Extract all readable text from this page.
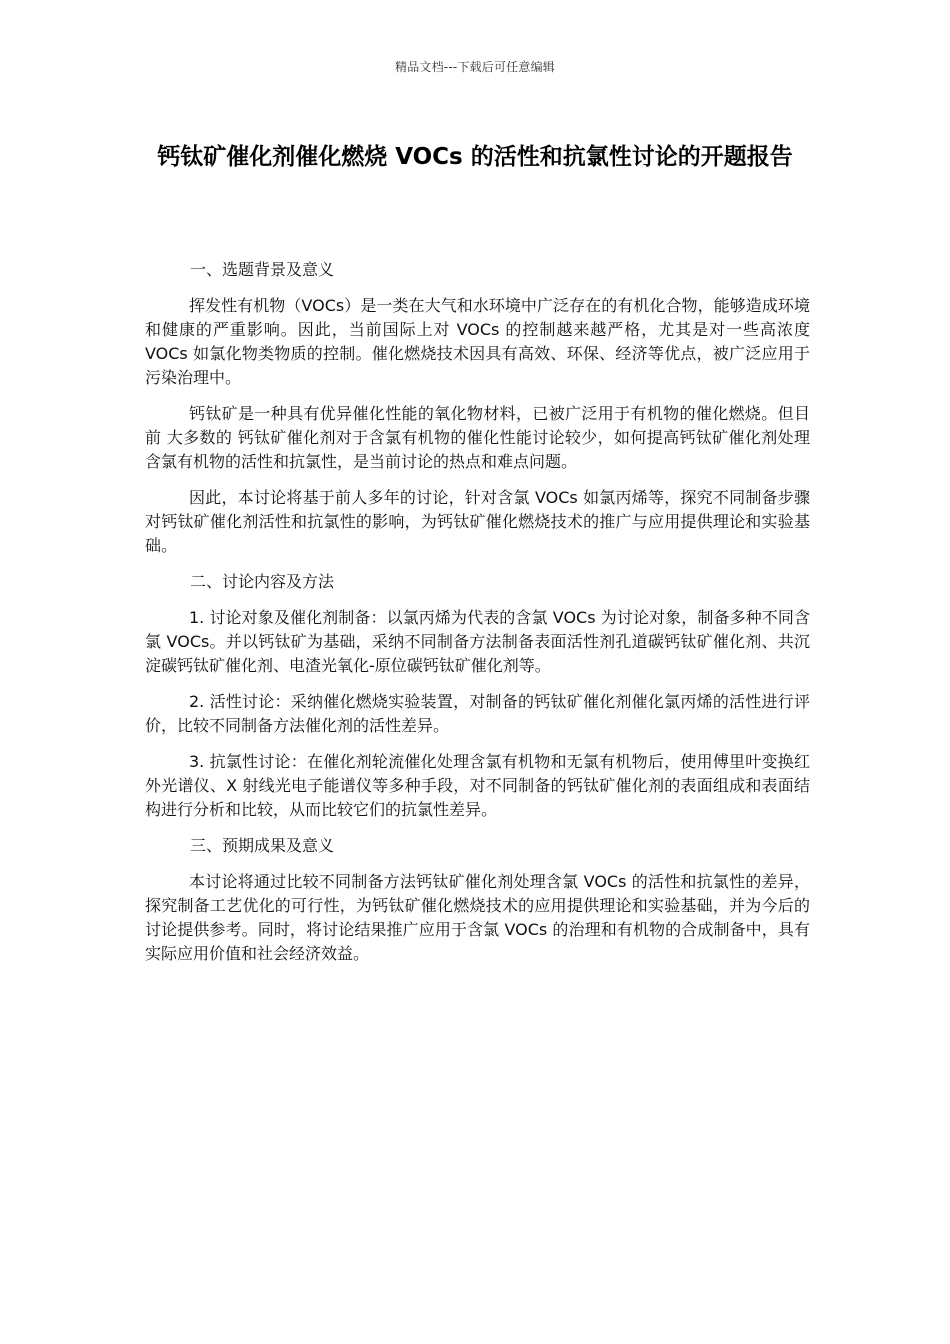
精品文档---下载后可任意编辑
钙钛矿催化剂催化燃烧 VOCs 的活性和抗氯性讨论的开题报告

一、选题背景及意义

挥发性有机物（VOCs）是一类在大气和水环境中广泛存在的有机化合物，能够造成环境和健康的严重影响。因此，当前国际上对 VOCs 的控制越来越严格，尤其是对一些高浓度 VOCs 如氯化物类物质的控制。催化燃烧技术因具有高效、环保、经济等优点，被广泛应用于污染治理中。

钙钛矿是一种具有优异催化性能的氧化物材料，已被广泛用于有机物的催化燃烧。但目前 大多数的 钙钛矿催化剂对于含氯有机物的催化性能讨论较少，如何提高钙钛矿催化剂处理含氯有机物的活性和抗氯性，是当前讨论的热点和难点问题。

因此，本讨论将基于前人多年的讨论，针对含氯 VOCs 如氯丙烯等，探究不同制备步骤对钙钛矿催化剂活性和抗氯性的影响，为钙钛矿催化燃烧技术的推广与应用提供理论和实验基础。

二、讨论内容及方法

1. 讨论对象及催化剂制备：以氯丙烯为代表的含氯 VOCs 为讨论对象，制备多种不同含氯 VOCs。并以钙钛矿为基础，采纳不同制备方法制备表面活性剂孔道碳钙钛矿催化剂、共沉淀碳钙钛矿催化剂、电渣光氧化-原位碳钙钛矿催化剂等。

2. 活性讨论：采纳催化燃烧实验装置，对制备的钙钛矿催化剂催化氯丙烯的活性进行评价，比较不同制备方法催化剂的活性差异。

3. 抗氯性讨论：在催化剂轮流催化处理含氯有机物和无氯有机物后，使用傅里叶变换红外光谱仪、X 射线光电子能谱仪等多种手段，对不同制备的钙钛矿催化剂的表面组成和表面结构进行分析和比较，从而比较它们的抗氯性差异。

三、预期成果及意义

本讨论将通过比较不同制备方法钙钛矿催化剂处理含氯 VOCs 的活性和抗氯性的差异，探究制备工艺优化的可行性，为钙钛矿催化燃烧技术的应用提供理论和实验基础，并为今后的讨论提供参考。同时，将讨论结果推广应用于含氯 VOCs 的治理和有机物的合成制备中，具有实际应用价值和社会经济效益。
